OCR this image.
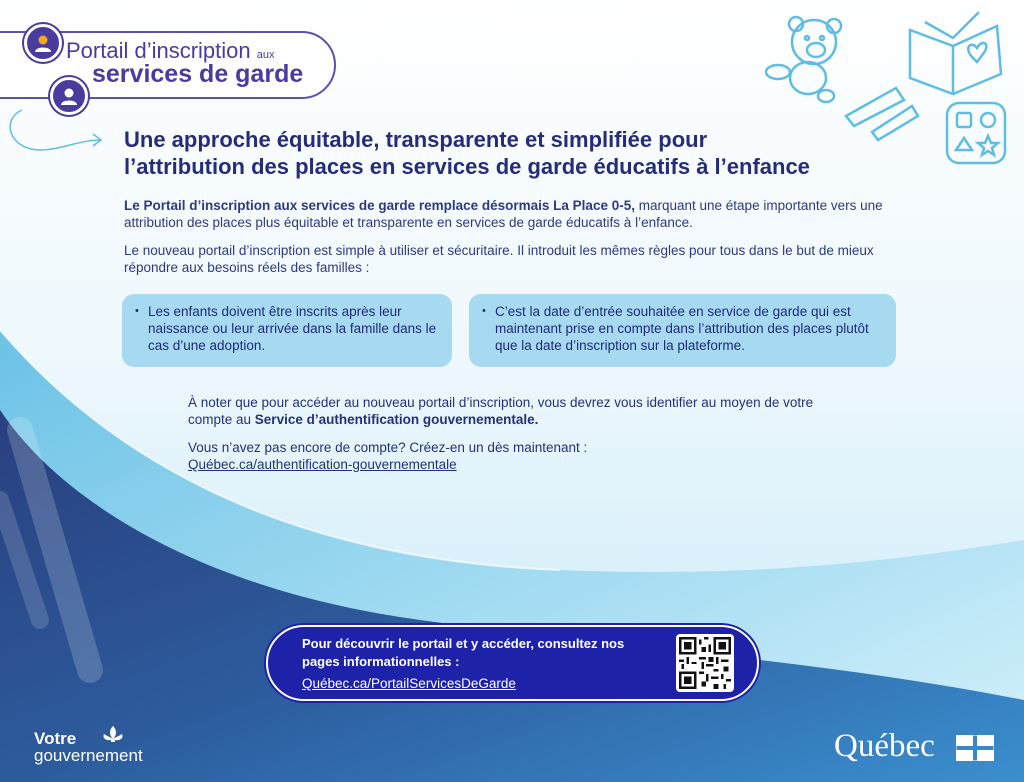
Portail d’inscription aux
services de garde
Une approche équitable, transparente et simplifiée pour
l’attribution des places en services de garde éducatifs à l’enfance
Le Portail d’inscription aux services de garde remplace désormais La Place 0-5, marquant une étape importante vers une attribution des places plus équitable et transparente en services de garde éducatifs à l’enfance.
Le nouveau portail d’inscription est simple à utiliser et sécuritaire. Il introduit les mêmes règles pour tous dans le but de mieux répondre aux besoins réels des familles :
• Les enfants doivent être inscrits après leur naissance ou leur arrivée dans la famille dans le cas d’une adoption.
• C’est la date d’entrée souhaitée en service de garde qui est maintenant prise en compte dans l’attribution des places plutôt que la date d’inscription sur la plateforme.
À noter que pour accéder au nouveau portail d’inscription, vous devrez vous identifier au moyen de votre compte au Service d’authentification gouvernementale.
Vous n’avez pas encore de compte? Créez-en un dès maintenant :
Québec.ca/authentification-gouvernementale
Pour découvrir le portail et y accéder, consultez nos pages informationnelles :
Québec.ca/PortailServicesDeGarde
Votre
gouvernement	Québec
